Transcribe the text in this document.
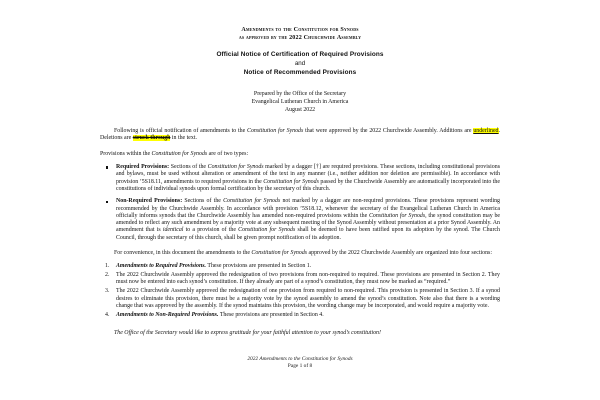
Amendments to the Constitution for Synods
as approved by the 2022 Churchwide Assembly
Official Notice of Certification of Required Provisions
and
Notice of Recommended Provisions
Prepared by the Office of the Secretary
Evangelical Lutheran Church in America
August 2022

Following is official notification of amendments to the Constitution for Synods that were approved by the 2022 Churchwide Assembly. Additions are underlined. Deletions are struck through in the text.

Provisions within the Constitution for Synods are of two types:

Required Provisions: Sections of the Constitution for Synods marked by a dagger [†] are required provisions. These sections, including constitutional provisions and bylaws, must be used without alteration or amendment of the text in any manner (i.e., neither addition nor deletion are permissible). In accordance with provision ’5S18.11, amendments to required provisions in the Constitution for Synods passed by the Churchwide Assembly are automatically incorporated into the constitutions of individual synods upon formal certification by the secretary of this church.
Non-Required Provisions: Sections of the Constitution for Synods not marked by a dagger are non-required provisions. These provisions represent wording recommended by the Churchwide Assembly. In accordance with provision ’5S18.12, whenever the secretary of the Evangelical Lutheran Church in America officially informs synods that the Churchwide Assembly has amended non-required provisions within the Constitution for Synods, the synod constitution may be amended to reflect any such amendment by a majority vote at any subsequent meeting of the Synod Assembly without presentation at a prior Synod Assembly. An amendment that is identical to a provision of the Constitution for Synods shall be deemed to have been ratified upon its adoption by the synod. The Church Council, through the secretary of this church, shall be given prompt notification of its adoption.

For convenience, in this document the amendments to the Constitution for Synods approved by the 2022 Churchwide Assembly are organized into four sections:

1. Amendments to Required Provisions. These provisions are presented in Section 1.
2. The 2022 Churchwide Assembly approved the redesignation of two provisions from non-required to required. These provisions are presented in Section 2. They must now be entered into each synod’s constitution. If they already are part of a synod’s constitution, they must now be marked as “required.”
3. The 2022 Churchwide Assembly approved the redesignation of one provision from required to non-required. This provision is presented in Section 3. If a synod desires to eliminate this provision, there must be a majority vote by the synod assembly to amend the synod’s constitution. Note also that there is a wording change that was approved by the assembly. If the synod maintains this provision, the wording change may be incorporated, and would require a majority vote.
4. Amendments to Non-Required Provisions. These provisions are presented in Section 4.

The Office of the Secretary would like to express gratitude for your faithful attention to your synod’s constitution!

2022 Amendments to the Constitution for Synods
Page 1 of 8
